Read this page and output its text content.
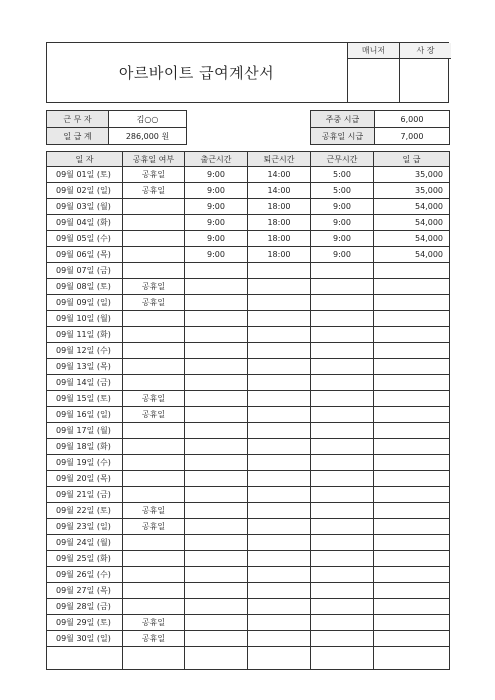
아르바이트 급여계산서
매니저	사 장
근 무 자	김○○
일 급 계	286,000 원
주중 시급	6,000
공휴일 시급	7,000
일 자	공휴일 여부	출근시간	퇴근시간	근무시간	일 급
09월 01일 (토)	공휴일	9:00	14:00	5:00	35,000
09월 02일 (일)	공휴일	9:00	14:00	5:00	35,000
09월 03일 (월)		9:00	18:00	9:00	54,000
09월 04일 (화)		9:00	18:00	9:00	54,000
09월 05일 (수)		9:00	18:00	9:00	54,000
09월 06일 (목)		9:00	18:00	9:00	54,000
09월 07일 (금)					
09월 08일 (토)	공휴일				
09월 09일 (일)	공휴일				
09월 10일 (월)					
09월 11일 (화)					
09월 12일 (수)					
09월 13일 (목)					
09월 14일 (금)					
09월 15일 (토)	공휴일				
09월 16일 (일)	공휴일				
09월 17일 (월)					
09월 18일 (화)					
09월 19일 (수)					
09월 20일 (목)					
09월 21일 (금)					
09월 22일 (토)	공휴일				
09월 23일 (일)	공휴일				
09월 24일 (월)					
09월 25일 (화)					
09월 26일 (수)					
09월 27일 (목)					
09월 28일 (금)					
09월 29일 (토)	공휴일				
09월 30일 (일)	공휴일				
